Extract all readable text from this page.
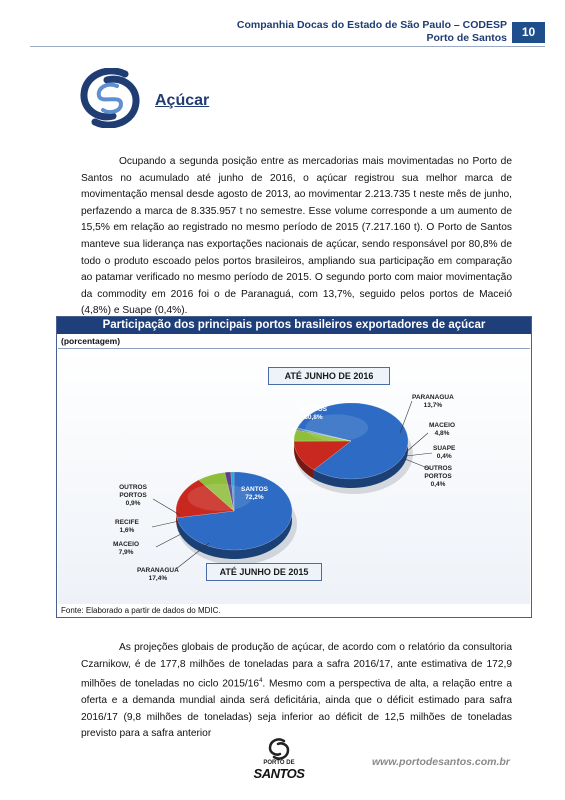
Companhia Docas do Estado de São Paulo – CODESP
Porto de Santos	10
Açúcar

Ocupando a segunda posição entre as mercadorias mais movimentadas no Porto de Santos no acumulado até junho de 2016, o açúcar registrou sua melhor marca de movimentação mensal desde agosto de 2013, ao movimentar 2.213.735 t neste mês de junho, perfazendo a marca de 8.335.957 t no semestre. Esse volume corresponde a um aumento de 15,5% em relação ao registrado no mesmo período de 2015 (7.217.160 t). O Porto de Santos manteve sua liderança nas exportações nacionais de açúcar, sendo responsável por 80,8% de todo o produto escoado pelos portos brasileiros, ampliando sua participação em comparação ao patamar verificado no mesmo período de 2015. O segundo porto com maior movimentação da commodity em 2016 foi o de Paranaguá, com 13,7%, seguido pelos portos de Maceió (4,8%) e Suape (0,4%).

Participação dos principais portos brasileiros exportadores de açúcar
(porcentagem)
ATÉ JUNHO DE 2016
ATÉ JUNHO DE 2015
SANTOS
80,8%
PARANAGUA
13,7%
MACEIO
4,8%
SUAPE
0,4%
OUTROS PORTOS
0,4%
SANTOS
72,2%
PARANAGUA
17,4%
MACEIO
7,9%
RECIFE
1,6%
OUTROS PORTOS
0,9%
Fonte: Elaborado a partir de dados do MDIC.

As projeções globais de produção de açúcar, de acordo com o relatório da consultoria Czarnikow, é de 177,8 milhões de toneladas para a safra 2016/17, ante estimativa de 172,9 milhões de toneladas no ciclo $2015/16^4$. Mesmo com a perspectiva de alta, a relação entre a oferta e a demanda mundial ainda será deficitária, ainda que o déficit estimado para safra 2016/17 (9,8 milhões de toneladas) seja inferior ao déficit de 12,5 milhões de toneladas previsto para a safra anterior

PORTO DE
SANTOS
www.portodesantos.com.br
